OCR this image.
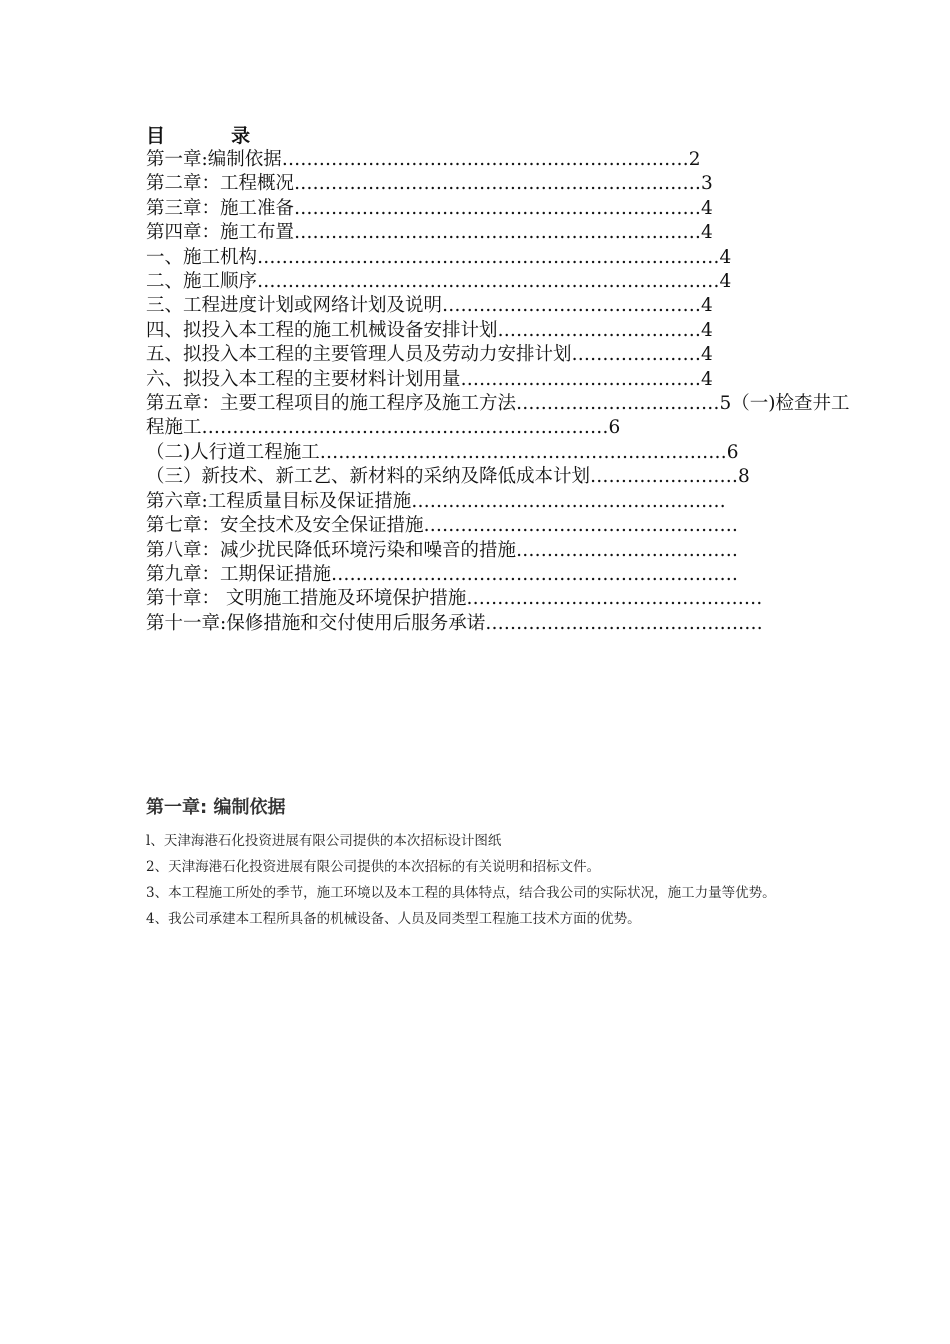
目          录
第一章:编制依据…………………………………………………………2
第二章：工程概况…………………………………………………………3
第三章：施工准备…………………………………………………………4
第四章：施工布置…………………………………………………………4
一、施工机构…………………………………………………………………4
二、施工顺序…………………………………………………………………4
三、工程进度计划或网络计划及说明……………………………………4
四、拟投入本工程的施工机械设备安排计划……………………………4
五、拟投入本工程的主要管理人员及劳动力安排计划…………………4
六、拟投入本工程的主要材料计划用量…………………………………4
第五章：主要工程项目的施工程序及施工方法……………………………5（一)检查井工程施工…………………………………………………………6
（二)人行道工程施工…………………………………………………………6
（三）新技术、新工艺、新材料的采纳及降低成本计划……………………8
第六章:工程质量目标及保证措施……………………………………………
第七章：安全技术及安全保证措施……………………………………………
第八章：减少扰民降低环境污染和噪音的措施………………………………
第九章：工期保证措施…………………………………………………………
第十章： 文明施工措施及环境保护措施…………………………………………
第十一章:保修措施和交付使用后服务承诺………………………………………
第一章: 编制依据

l、天津海港石化投资进展有限公司提供的本次招标设计图纸

2、天津海港石化投资进展有限公司提供的本次招标的有关说明和招标文件。

3、本工程施工所处的季节，施工环境以及本工程的具体特点，结合我公司的实际状况，施工力量等优势。

4、我公司承建本工程所具备的机械设备、人员及同类型工程施工技术方面的优势。
